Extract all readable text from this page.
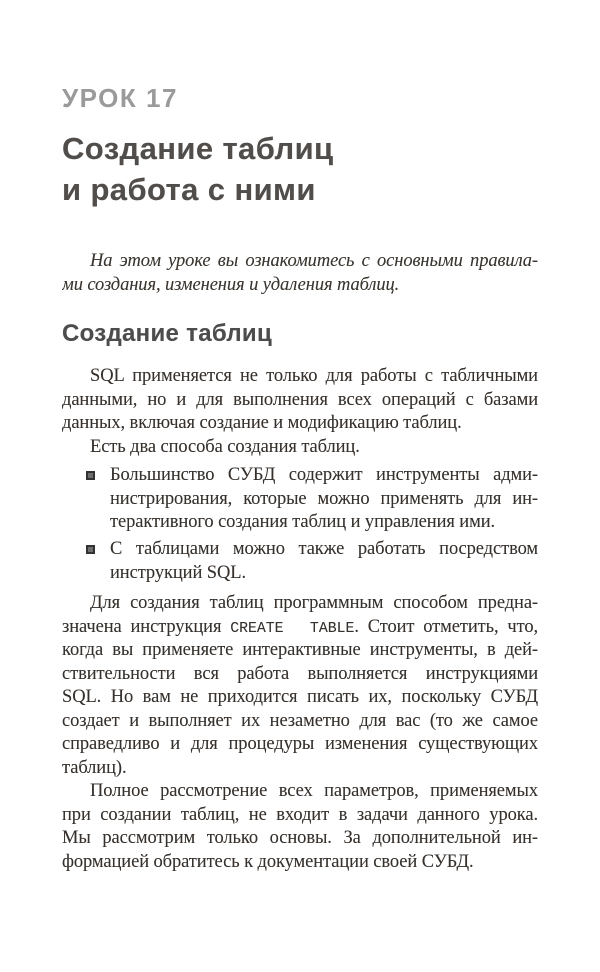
УРОК 17
Создание таблиц
и работа с ними
На этом уроке вы ознакомитесь с основными правила-
ми создания, изменения и удаления таблиц.
Создание таблиц
SQL применяется не только для работы с табличными
данными, но и для выполнения всех операций с базами
данных, включая создание и модификацию таблиц.
Есть два способа создания таблиц.
Большинство СУБД содержит инструменты адми-
нистрирования, которые можно применять для ин-
терактивного создания таблиц и управления ими.
С таблицами можно также работать посредством
инструкций SQL.
Для создания таблиц программным способом предна-
значена инструкция CREATE  TABLE. Стоит отметить, что,
когда вы применяете интерактивные инструменты, в дей-
ствительности вся работа выполняется инструкциями
SQL. Но вам не приходится писать их, поскольку СУБД
создает и выполняет их незаметно для вас (то же самое
справедливо и для процедуры изменения существующих
таблиц).
Полное рассмотрение всех параметров, применяемых
при создании таблиц, не входит в задачи данного урока.
Мы рассмотрим только основы. За дополнительной ин-
формацией обратитесь к документации своей СУБД.
